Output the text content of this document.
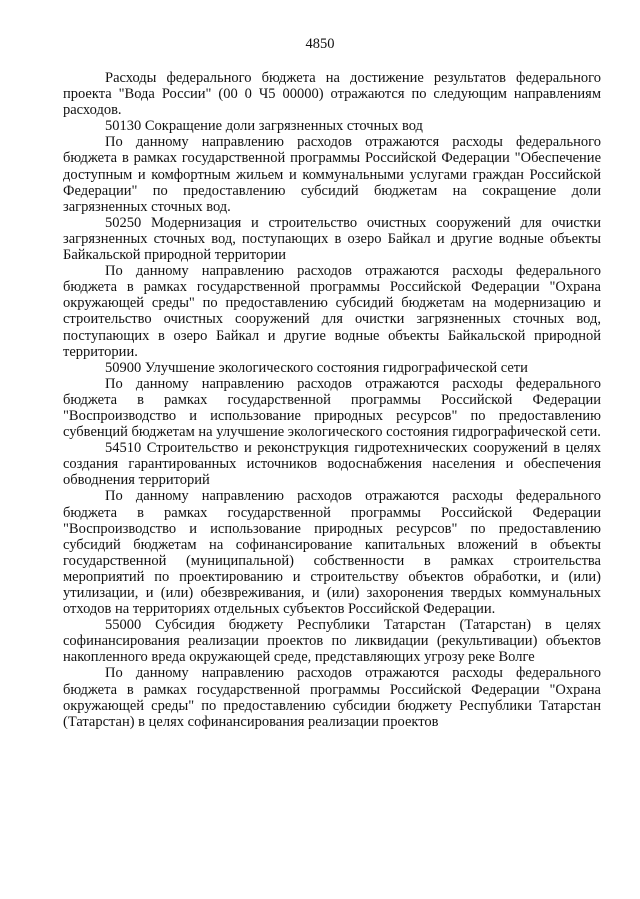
4850

Расходы федерального бюджета на достижение результатов федерального проекта "Вода России" (00 0 Ч5 00000) отражаются по следующим направлениям расходов.

50130 Сокращение доли загрязненных сточных вод

По данному направлению расходов отражаются расходы федерального бюджета в рамках государственной программы Российской Федерации "Обеспечение доступным и комфортным жильем и коммунальными услугами граждан Российской Федерации" по предоставлению субсидий бюджетам на сокращение доли загрязненных сточных вод.

50250 Модернизация и строительство очистных сооружений для очистки загрязненных сточных вод, поступающих в озеро Байкал и другие водные объекты Байкальской природной территории

По данному направлению расходов отражаются расходы федерального бюджета в рамках государственной программы Российской Федерации "Охрана окружающей среды" по предоставлению субсидий бюджетам на модернизацию и строительство очистных сооружений для очистки загрязненных сточных вод, поступающих в озеро Байкал и другие водные объекты Байкальской природной территории.

50900 Улучшение экологического состояния гидрографической сети

По данному направлению расходов отражаются расходы федерального бюджета в рамках государственной программы Российской Федерации "Воспроизводство и использование природных ресурсов" по предоставлению субвенций бюджетам на улучшение экологического состояния гидрографической сети.

54510 Строительство и реконструкция гидротехнических сооружений в целях создания гарантированных источников водоснабжения населения и обеспечения обводнения территорий

По данному направлению расходов отражаются расходы федерального бюджета в рамках государственной программы Российской Федерации "Воспроизводство и использование природных ресурсов" по предоставлению субсидий бюджетам на софинансирование капитальных вложений в объекты государственной (муниципальной) собственности в рамках строительства мероприятий по проектированию и строительству объектов обработки, и (или) утилизации, и (или) обезвреживания, и (или) захоронения твердых коммунальных отходов на территориях отдельных субъектов Российской Федерации.

55000 Субсидия бюджету Республики Татарстан (Татарстан) в целях софинансирования реализации проектов по ликвидации (рекультивации) объектов накопленного вреда окружающей среде, представляющих угрозу реке Волге

По данному направлению расходов отражаются расходы федерального бюджета в рамках государственной программы Российской Федерации "Охрана окружающей среды" по предоставлению субсидии бюджету Республики Татарстан (Татарстан) в целях софинансирования реализации проектов
